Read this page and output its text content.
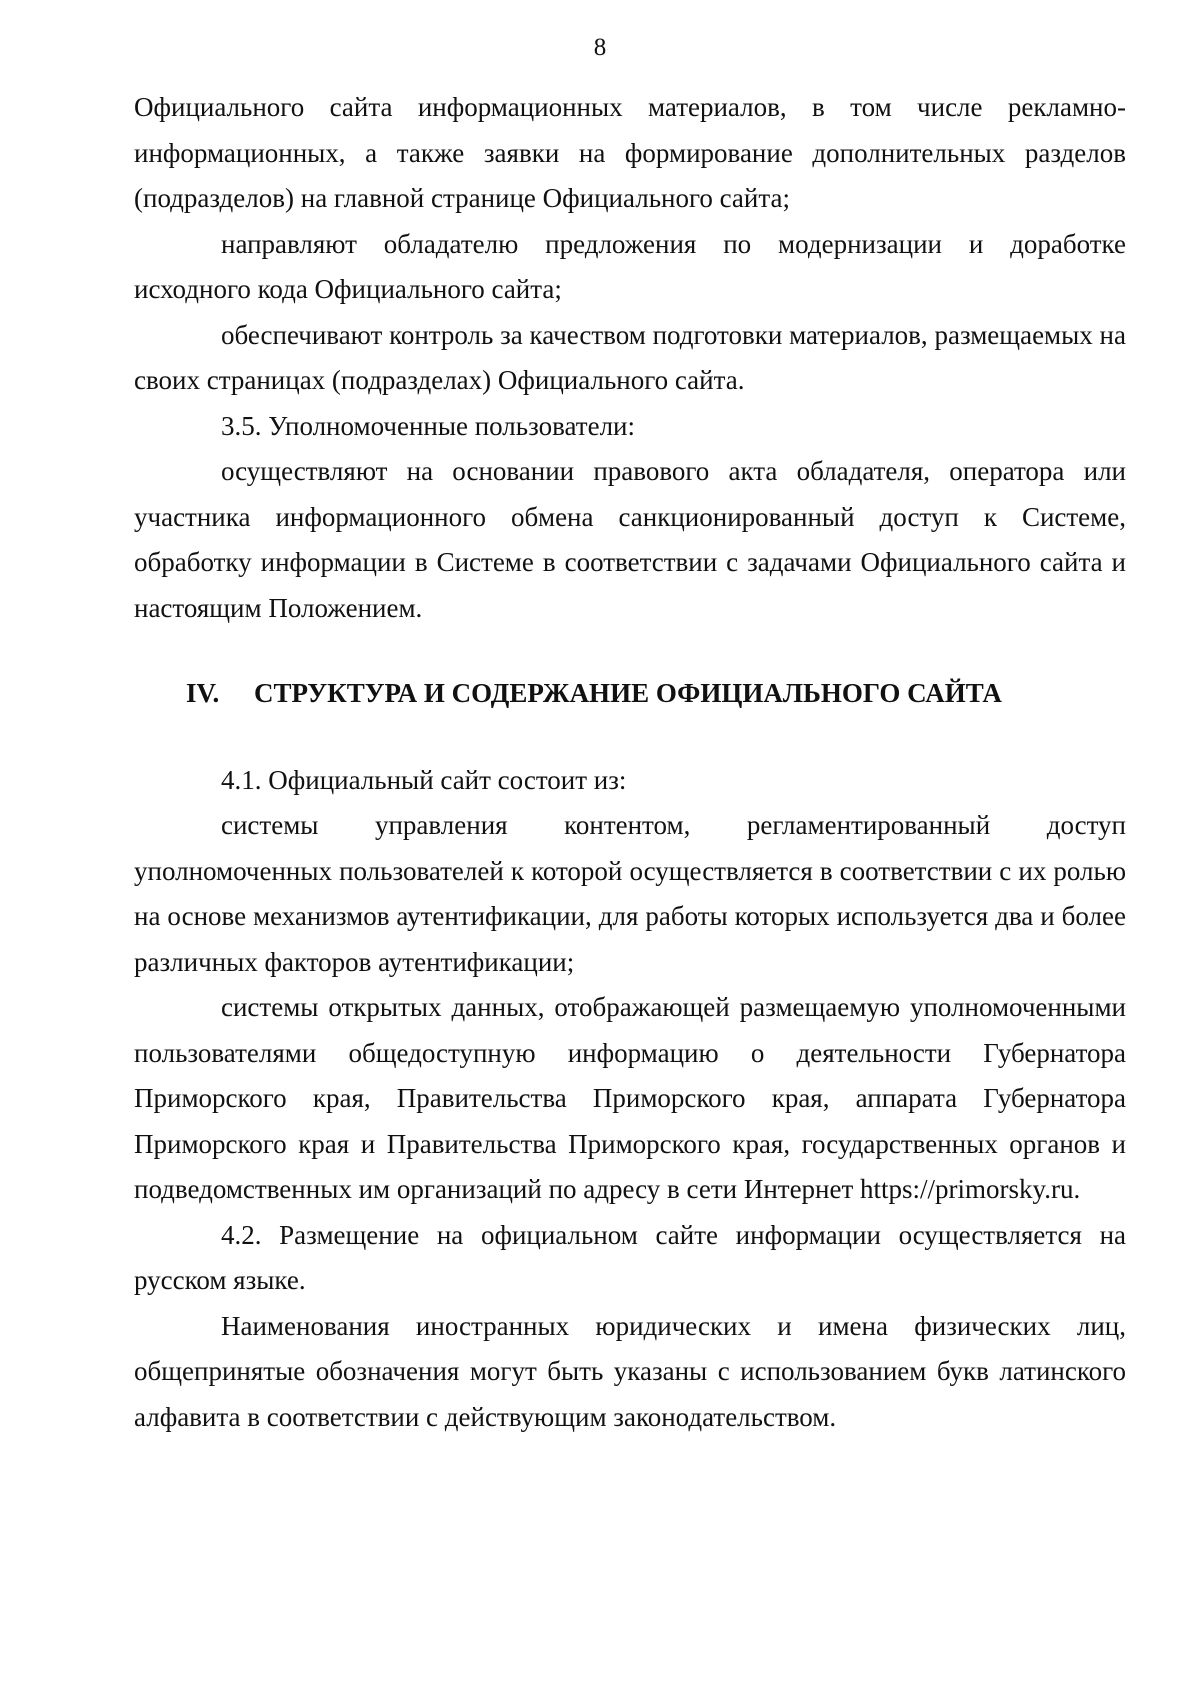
8

Официального сайта информационных материалов, в том числе рекламно-информационных, а также заявки на формирование дополнительных разделов (подразделов) на главной странице Официального сайта;

направляют обладателю предложения по модернизации и доработке исходного кода Официального сайта;

обеспечивают контроль за качеством подготовки материалов, размещаемых на своих страницах (подразделах) Официального сайта.

3.5. Уполномоченные пользователи:

осуществляют на основании правового акта обладателя, оператора или участника информационного обмена санкционированный доступ к Системе, обработку информации в Системе в соответствии с задачами Официального сайта и настоящим Положением.

IV. СТРУКТУРА И СОДЕРЖАНИЕ ОФИЦИАЛЬНОГО САЙТА

4.1. Официальный сайт состоит из:

системы управления контентом, регламентированный доступ уполномоченных пользователей к которой осуществляется в соответствии с их ролью на основе механизмов аутентификации, для работы которых используется два и более различных факторов аутентификации;

системы открытых данных, отображающей размещаемую уполномоченными пользователями общедоступную информацию о деятельности Губернатора Приморского края, Правительства Приморского края, аппарата Губернатора Приморского края и Правительства Приморского края, государственных органов и подведомственных им организаций по адресу в сети Интернет https://primorsky.ru.

4.2. Размещение на официальном сайте информации осуществляется на русском языке.

Наименования иностранных юридических и имена физических лиц, общепринятые обозначения могут быть указаны с использованием букв латинского алфавита в соответствии с действующим законодательством.
